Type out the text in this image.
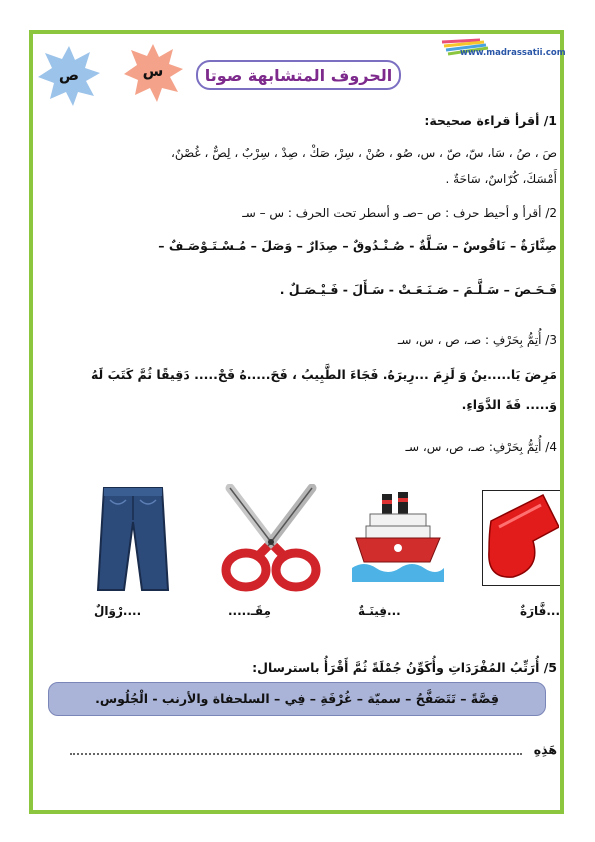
ص	س
www.madrassatii.com
الحروف المتشابهة صوتا
1/ أقرأ قراءة صحيحة:
صَ ، صُ ، سَا، سّ، صّ ، س، صُو ، صُنْ ، سِرْ، صَكْ ، صِدْ ، سِرْبٌ ، لِصٌّ ، غُصْنٌ،
أَمْسَكَ، كُرّاسٌ، سَاحَةٌ .
2/ أقرأ و أحيط حرف : ص –صـ و أسطر تحت الحرف : س – سـ
صِنَّارَةٌ – نَاقُوسٌ – سَـلَّةٌ - صُـنْـدُوقٌ – صِدَارٌ – وَصَلَ – مُـسْـتَـوْصَـفٌ –
فَـحَـصَ – سَـلَّـمَ – صَـنَـعَـتْ - سَـأَلَ - فَـيْـصَـلٌ .
3/ أُتِمُّ بِحَرْفِ : صـ، ص ، س، سـ
مَرِضَ يَا.....ينُ وَ لَزِمَ ...رِيرَهُ. فَجَاءَ الطَّبِيبُ ، فَحَ.....هُ فَحْ..... دَقِيقًا ثُمَّ كَتَبَ لَهُ
وَ..... فَةَ الدَّوَاءِ.
4/ أُتِمُّ بِحَرْفِ: صـ، ص، س، سـ
...فَّارَةٌ
...فِينَـةٌ
مِقَـ.....
....رْوَالٌ
5/ أُرَتِّبُ المُفْرَدَاتِ وأُكَوِّنُ جُمْلَةً ثُمَّ أَقْرَأُ باسترسال:
قِصَّةً – تَتَصَفَّحُ – سميّة – غُرْفَةِ – فِي – السلحفاة والأرنب - الْجُلُوس.
هَذِهِ
